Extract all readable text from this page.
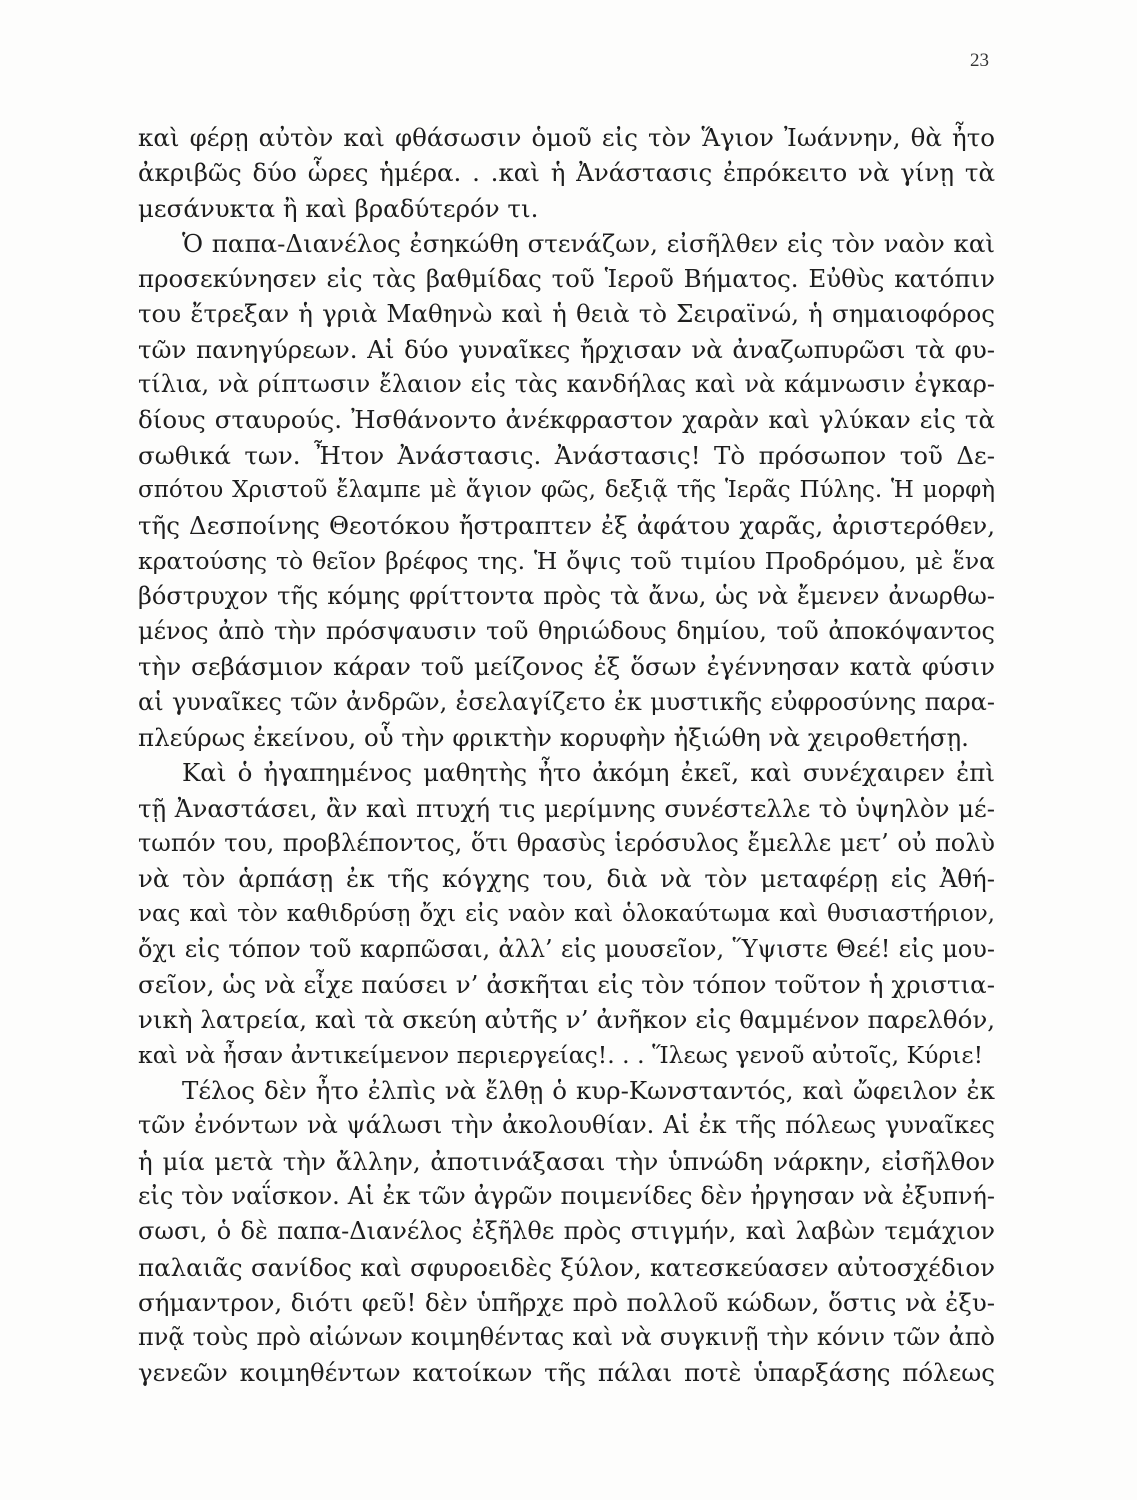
23
καὶ φέρῃ αὐτὸν καὶ φθάσωσιν ὁμοῦ εἰς τὸν Ἅγιον Ἰωάννην, θὰ ἦτο
ἀκριβῶς δύο ὧρες ἡμέρα. . .καὶ ἡ Ἀνάστασις ἐπρόκειτο νὰ γίνῃ τὰ
μεσάνυκτα ἢ καὶ βραδύτερόν τι.
Ὁ παπα-Διανέλος ἐσηκώθη στενάζων, εἰσῆλθεν εἰς τὸν ναὸν καὶ
προσεκύνησεν εἰς τὰς βαθμίδας τοῦ Ἱεροῦ Βήματος. Εὐθὺς κατόπιν
του ἔτρεξαν ἡ γριὰ Μαθηνὼ καὶ ἡ θειὰ τὸ Σειραϊνώ, ἡ σημαιοφόρος
τῶν πανηγύρεων. Αἱ δύο γυναῖκες ἤρχισαν νὰ ἀναζωπυρῶσι τὰ φυ-
τίλια, νὰ ρίπτωσιν ἔλαιον εἰς τὰς κανδήλας καὶ νὰ κάμνωσιν ἐγκαρ-
δίους σταυρούς. Ἠσθάνοντο ἀνέκφραστον χαρὰν καὶ γλύκαν εἰς τὰ
σωθικά των. Ἦτον Ἀνάστασις. Ἀνάστασις! Τὸ πρόσωπον τοῦ Δε-
σπότου Χριστοῦ ἔλαμπε μὲ ἅγιον φῶς, δεξιᾷ τῆς Ἱερᾶς Πύλης. Ἡ μορφὴ
τῆς Δεσποίνης Θεοτόκου ἤστραπτεν ἐξ ἀφάτου χαρᾶς, ἀριστερόθεν,
κρατούσης τὸ θεῖον βρέφος της. Ἡ ὄψις τοῦ τιμίου Προδρόμου, μὲ ἕνα
βόστρυχον τῆς κόμης φρίττοντα πρὸς τὰ ἄνω, ὡς νὰ ἔμενεν ἀνωρθω-
μένος ἀπὸ τὴν πρόσψαυσιν τοῦ θηριώδους δημίου, τοῦ ἀποκόψαντος
τὴν σεβάσμιον κάραν τοῦ μείζονος ἐξ ὅσων ἐγέννησαν κατὰ φύσιν
αἱ γυναῖκες τῶν ἀνδρῶν, ἐσελαγίζετο ἐκ μυστικῆς εὐφροσύνης παρα-
πλεύρως ἐκείνου, οὗ τὴν φρικτὴν κορυφὴν ἠξιώθη νὰ χειροθετήσῃ.
Καὶ ὁ ἠγαπημένος μαθητὴς ἦτο ἀκόμη ἐκεῖ, καὶ συνέχαιρεν ἐπὶ
τῇ Ἀναστάσει, ἂν καὶ πτυχή τις μερίμνης συνέστελλε τὸ ὑψηλὸν μέ-
τωπόν του, προβλέποντος, ὅτι θρασὺς ἱερόσυλος ἔμελλε μετ’ οὐ πολὺ
νὰ τὸν ἁρπάσῃ ἐκ τῆς κόγχης του, διὰ νὰ τὸν μεταφέρῃ εἰς Ἀθή-
νας καὶ τὸν καθιδρύσῃ ὄχι εἰς ναὸν καὶ ὁλοκαύτωμα καὶ θυσιαστήριον,
ὄχι εἰς τόπον τοῦ καρπῶσαι, ἀλλ’ εἰς μουσεῖον, Ὕψιστε Θεέ! εἰς μου-
σεῖον, ὡς νὰ εἶχε παύσει ν’ ἀσκῆται εἰς τὸν τόπον τοῦτον ἡ χριστια-
νικὴ λατρεία, καὶ τὰ σκεύη αὐτῆς ν’ ἀνῆκον εἰς θαμμένον παρελθόν,
καὶ νὰ ἦσαν ἀντικείμενον περιεργείας!. . . Ἵλεως γενοῦ αὐτοῖς, Κύριε!
Τέλος δὲν ἦτο ἐλπὶς νὰ ἔλθῃ ὁ κυρ-Κωνσταντός, καὶ ὤφειλον ἐκ
τῶν ἐνόντων νὰ ψάλωσι τὴν ἀκολουθίαν. Αἱ ἐκ τῆς πόλεως γυναῖκες
ἡ μία μετὰ τὴν ἄλλην, ἀποτινάξασαι τὴν ὑπνώδη νάρκην, εἰσῆλθον
εἰς τὸν ναΐσκον. Αἱ ἐκ τῶν ἀγρῶν ποιμενίδες δὲν ἠργησαν νὰ ἐξυπνή-
σωσι, ὁ δὲ παπα-Διανέλος ἐξῆλθε πρὸς στιγμήν, καὶ λαβὼν τεμάχιον
παλαιᾶς σανίδος καὶ σφυροειδὲς ξύλον, κατεσκεύασεν αὐτοσχέδιον
σήμαντρον, διότι φεῦ! δὲν ὑπῆρχε πρὸ πολλοῦ κώδων, ὅστις νὰ ἐξυ-
πνᾷ τοὺς πρὸ αἰώνων κοιμηθέντας καὶ νὰ συγκινῇ τὴν κόνιν τῶν ἀπὸ
γενεῶν κοιμηθέντων κατοίκων τῆς πάλαι ποτὲ ὑπαρξάσης πόλεως
